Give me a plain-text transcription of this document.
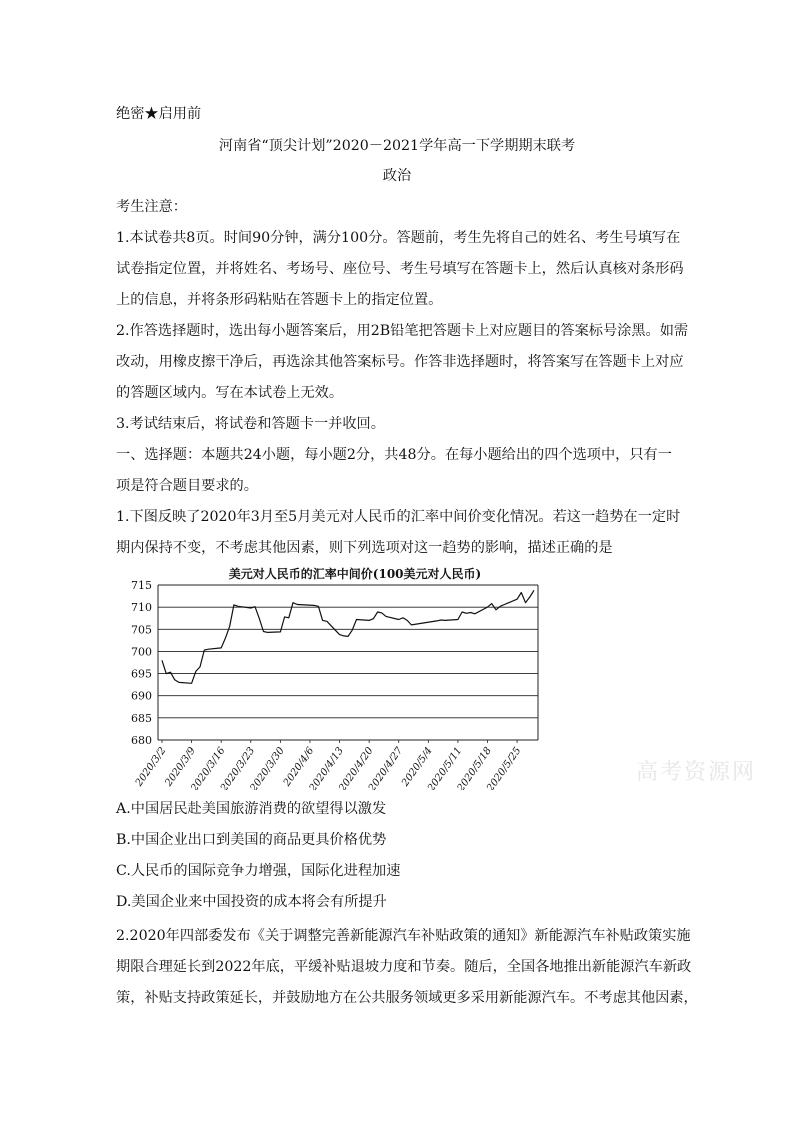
绝密★启用前
河南省“顶尖计划”2020－2021学年高一下学期期末联考
政治
考生注意：
1.本试卷共8页。时间90分钟，满分100分。答题前，考生先将自己的姓名、考生号填写在
试卷指定位置，并将姓名、考场号、座位号、考生号填写在答题卡上，然后认真核对条形码
上的信息，并将条形码粘贴在答题卡上的指定位置。
2.作答选择题时，选出每小题答案后，用2B铅笔把答题卡上对应题目的答案标号涂黑。如需
改动，用橡皮擦干净后，再选涂其他答案标号。作答非选择题时，将答案写在答题卡上对应
的答题区域内。写在本试卷上无效。
3.考试结束后，将试卷和答题卡一并收回。
一、选择题：本题共24小题，每小题2分，共48分。在每小题给出的四个选项中，只有一
项是符合题目要求的。
1.下图反映了2020年3月至5月美元对人民币的汇率中间价变化情况。若这一趋势在一定时
期内保持不变，不考虑其他因素，则下列选项对这一趋势的影响，描述正确的是
美元对人民币的汇率中间价(100美元对人民币)
680
685
690
695
700
705
710
715
2020/3/2
2020/3/9
2020/3/16
2020/3/23
2020/3/30
2020/4/6
2020/4/13
2020/4/20
2020/4/27
2020/5/4
2020/5/11
2020/5/18
2020/5/25
A.中国居民赴美国旅游消费的欲望得以激发
B.中国企业出口到美国的商品更具价格优势
C.人民币的国际竞争力增强，国际化进程加速
D.美国企业来中国投资的成本将会有所提升
2.2020年四部委发布《关于调整完善新能源汽车补贴政策的通知》新能源汽车补贴政策实施
期限合理延长到2022年底，平缓补贴退坡力度和节奏。随后，全国各地推出新能源汽车新政
策，补贴支持政策延长，并鼓励地方在公共服务领域更多采用新能源汽车。不考虑其他因素，
高考资源网
